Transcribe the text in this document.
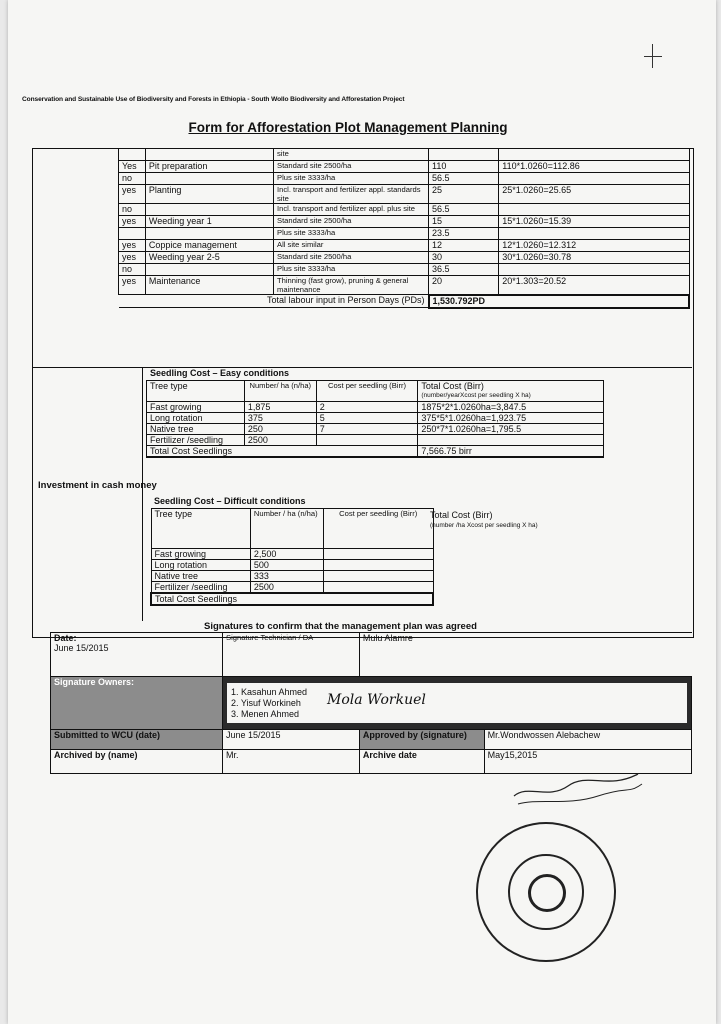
Conservation and Sustainable Use of Biodiversity and Forests in Ethiopia - South Wollo Biodiversity and Afforestation Project
Form for Afforestation Plot Management Planning
		site		
Yes	Pit preparation	Standard site 2500/ha	110	110*1.0260=112.86
no		Plus site 3333/ha	56.5	
yes	Planting	Incl. transport and fertilizer appl. standards site	25	25*1.0260=25.65
no		Incl. transport and fertilizer appl. plus site	56.5	
yes	Weeding year 1	Standard site 2500/ha	15	15*1.0260=15.39
		Plus site 3333/ha	23.5	
yes	Coppice management	All site similar	12	12*1.0260=12.312
yes	Weeding year 2-5	Standard site 2500/ha	30	30*1.0260=30.78
no		Plus site 3333/ha	36.5	
yes	Maintenance	Thinning (fast grow), pruning & general maintenance	20	20*1.303=20.52
Total labour input in Person Days (PDs)			1,530.792PD	
Investment in cash money
Seedling Cost – Easy conditions
Tree type	Number/ ha (n/ha)	Cost per seedling (Birr)	Total Cost (Birr)
(number/yearXcost per seedling X ha)

Fast growing	1,875	2	1875*2*1.0260ha=3,847.5
Long rotation	375	5	375*5*1.0260ha=1,923.75
Native tree	250	7	250*7*1.0260ha=1,795.5
Fertilizer /seedling	2500		
Total Cost Seedlings			7,566.75 birr
Seedling Cost – Difficult conditions
Tree type	Number / ha (n/ha)	Cost per seedling (Birr)
Fast growing	2,500	
Long rotation	500	
Native tree	333	
Fertilizer /seedling	2500	
Total Cost Seedlings		
Total Cost (Birr)
(number /ha Xcost per seedling X ha)
Signatures to confirm that the management plan was agreed
Date:
June 15/2015	Signature Technician / DA	Mulu Alamre	
Signature Owners:	1. Kasahun Ahmed
2. Yisuf Workineh
3. Menen Ahmed
Mola Workuel		

Submitted to WCU (date)	June 15/2015	Approved by (signature)	Mr.Wondwossen Alebachew
Archived by (name)	Mr.	Archive date	May15,2015
